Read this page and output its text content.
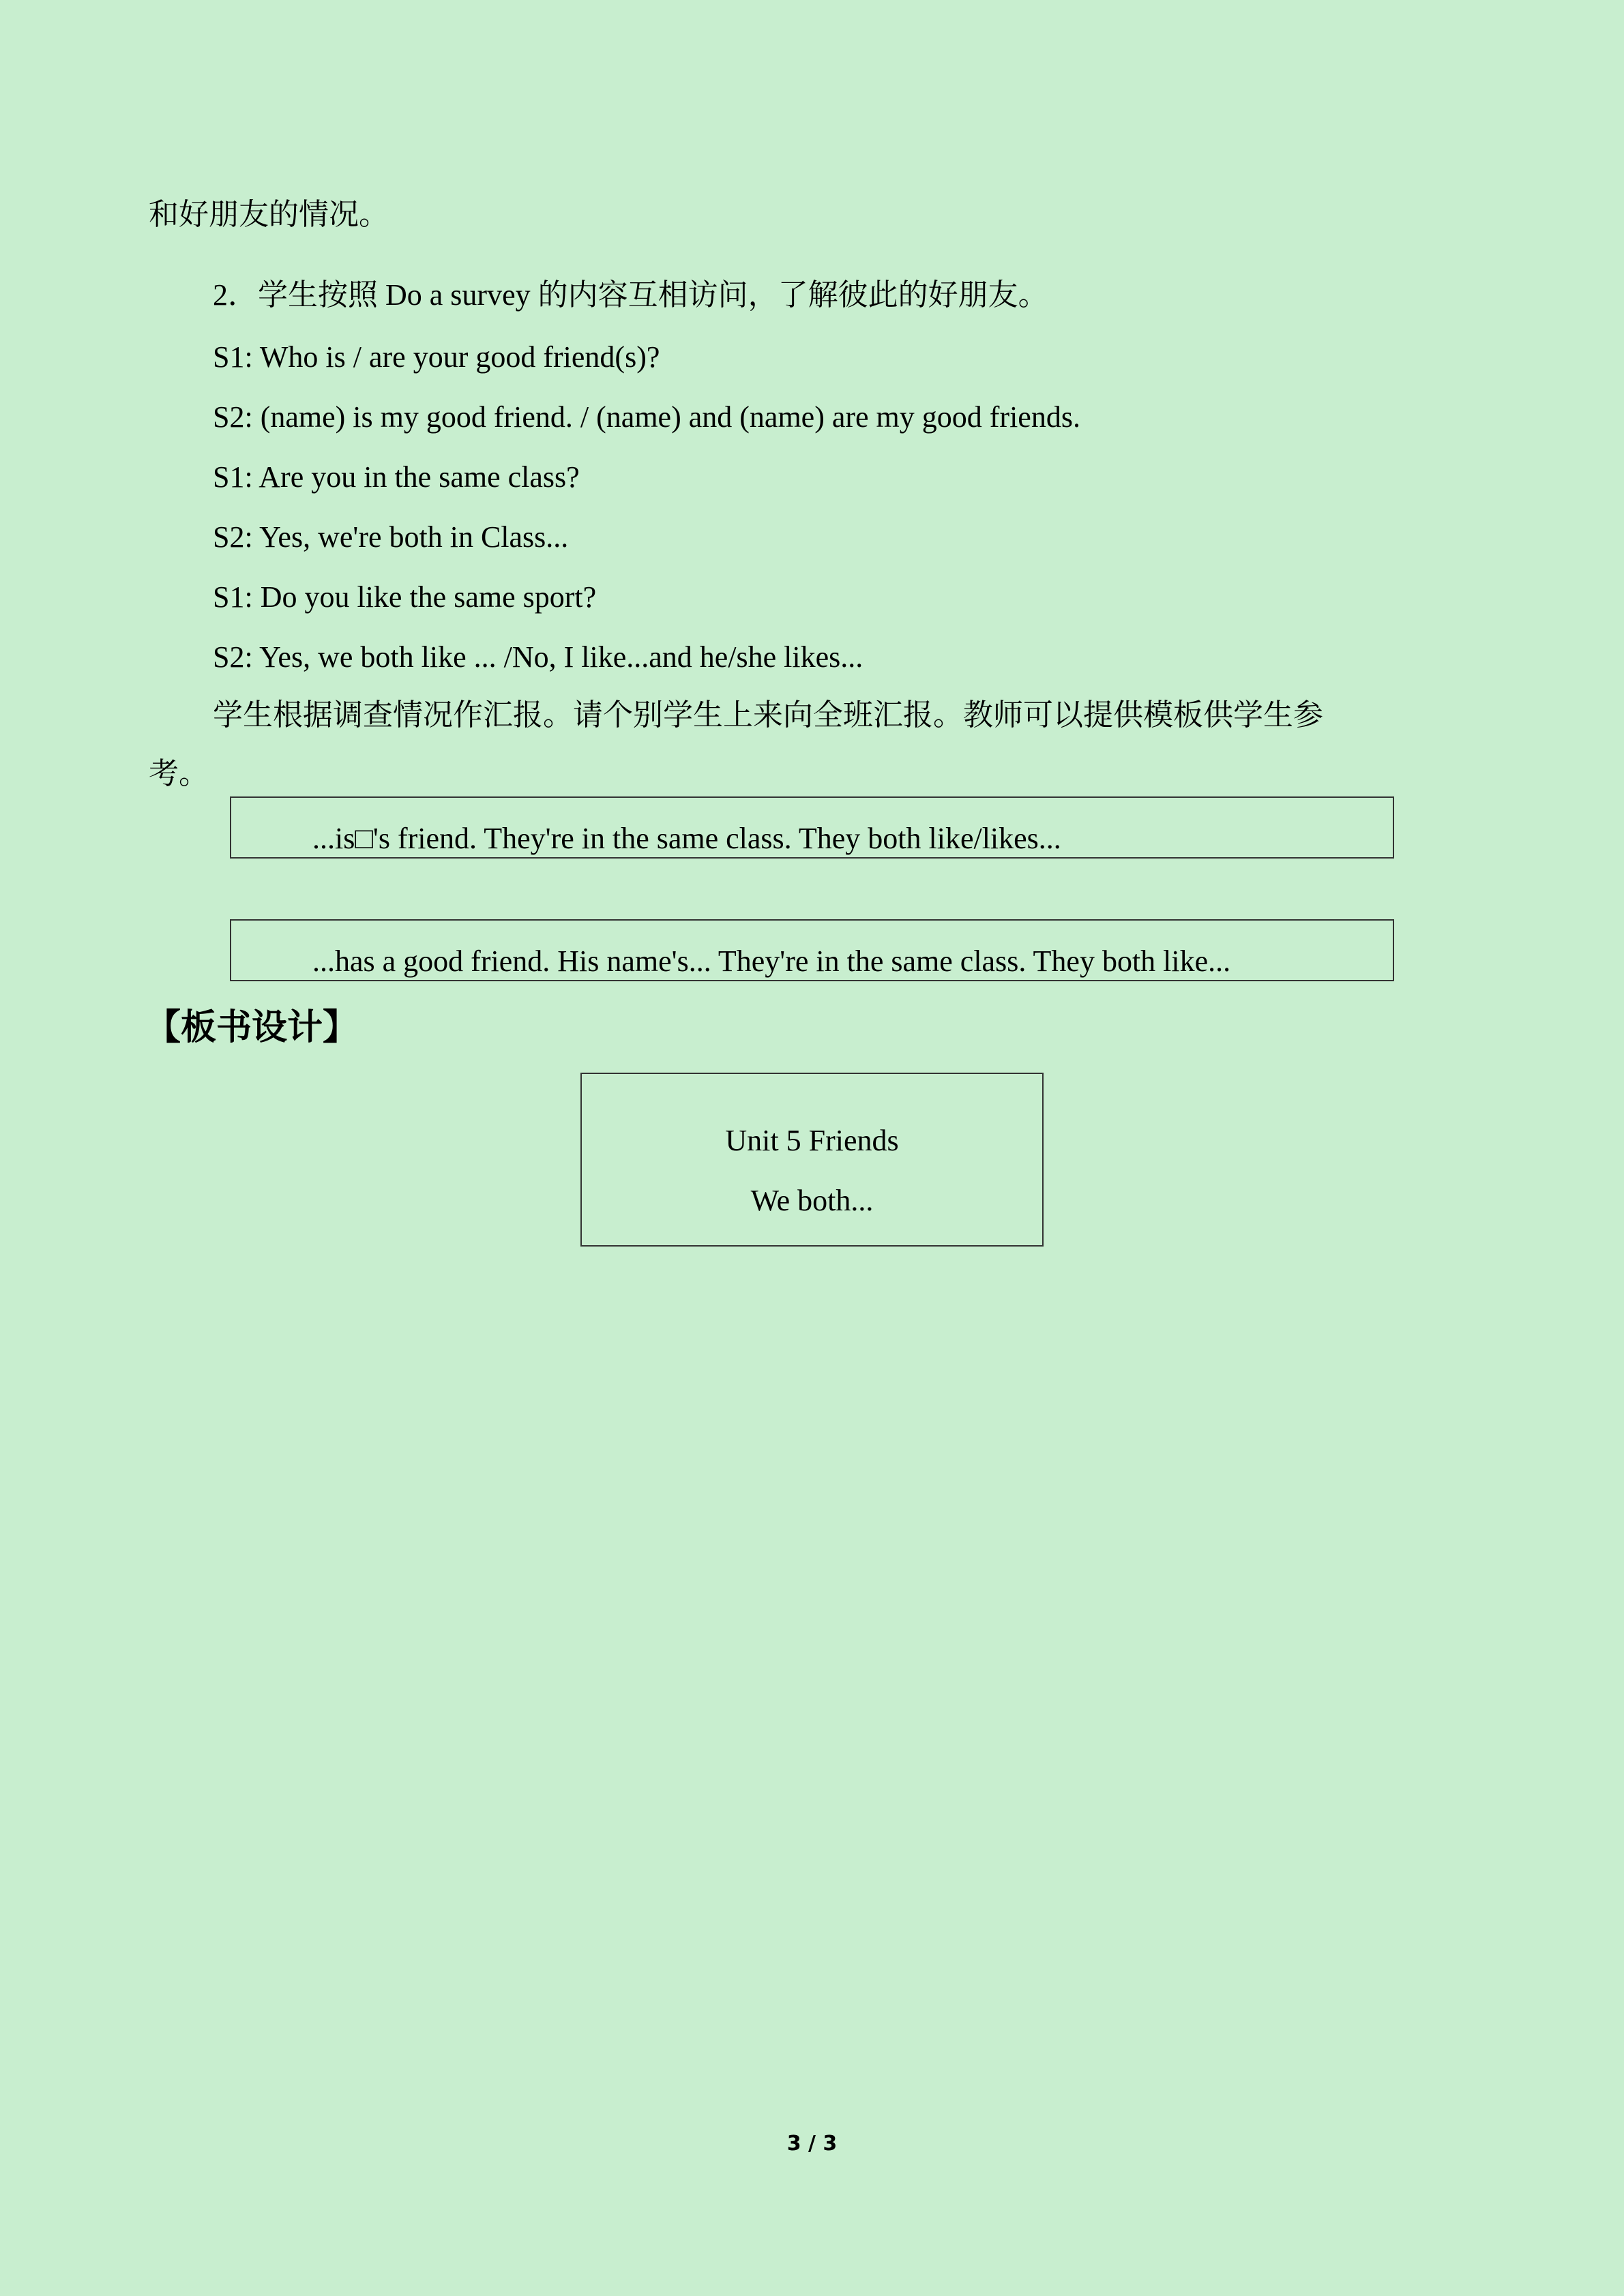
和好朋友的情况。
2．学生按照 Do a survey 的内容互相访问，了解彼此的好朋友。
S1: Who is / are your good friend(s)?
S2: (name) is my good friend. / (name) and (name) are my good friends.
S1: Are you in the same class?
S2: Yes, we're both in Class...
S1: Do you like the same sport?
S2: Yes, we both like ... /No, I like...and he/she likes...
学生根据调查情况作汇报。请个别学生上来向全班汇报。教师可以提供模板供学生参
考。
...is□'s friend. They're in the same class. They both like/likes...
...has a good friend. His name's... They're in the same class. They both like...
【板书设计】
Unit 5 Friends
We both...
3 / 3
